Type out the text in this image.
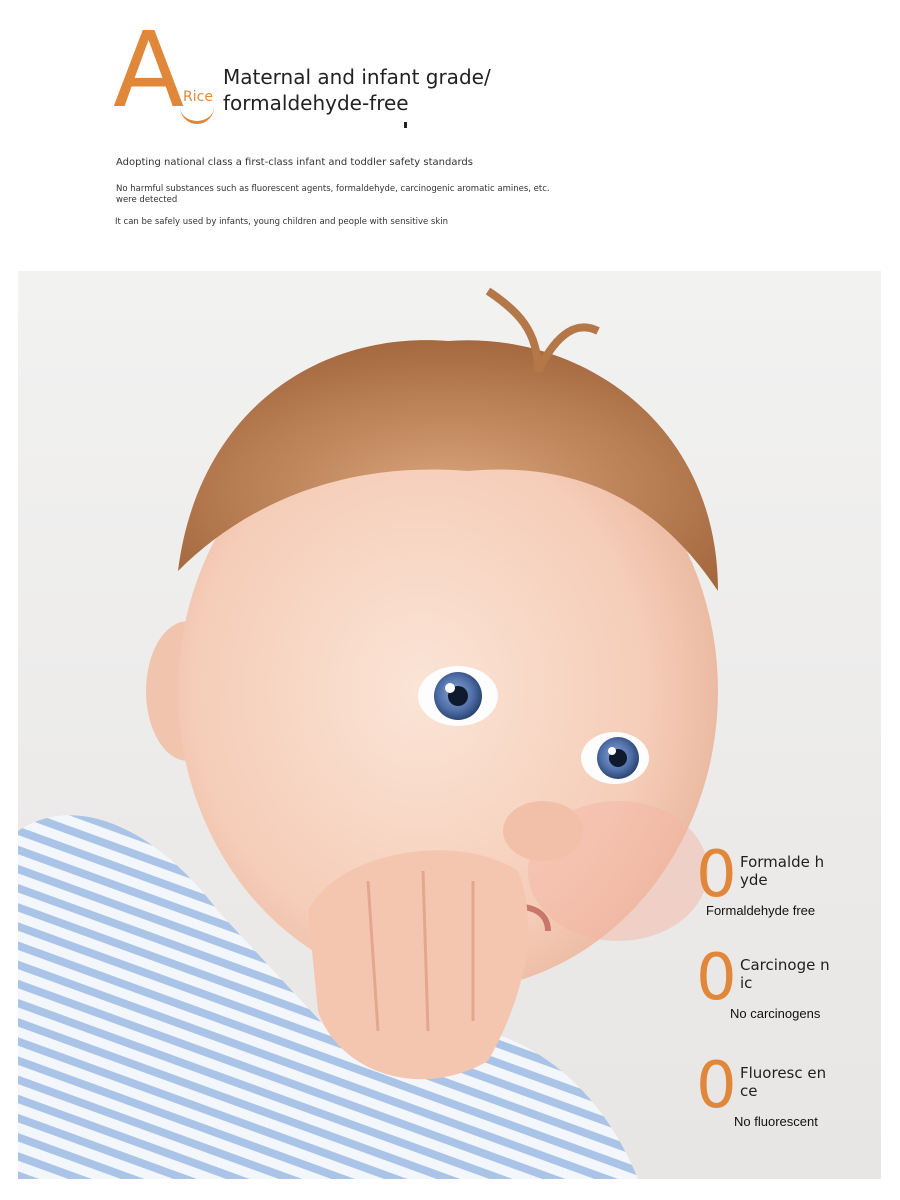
A Rice
Maternal and infant grade/ formaldehyde-free
Adopting national class a first-class infant and toddler safety standards
No harmful substances such as fluorescent agents, formaldehyde, carcinogenic aromatic amines, etc. were detected
It can be safely used by infants, young children and people with sensitive skin
0 Formalde hyde
Formaldehyde free
0 Carcinoge nic
No carcinogens
0 Fluoresc ence
No fluorescent
